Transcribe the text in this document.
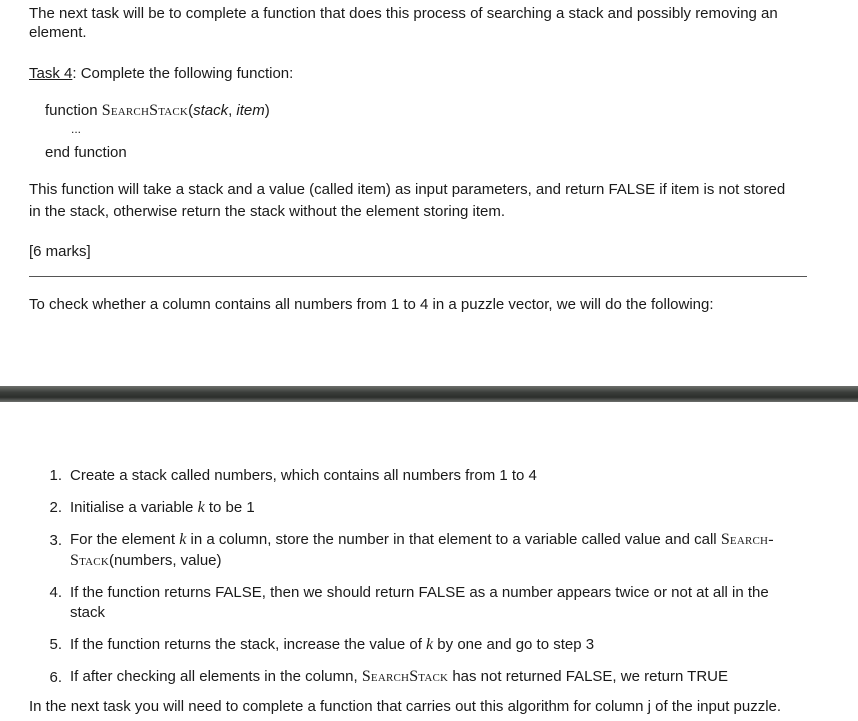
The next task will be to complete a function that does this process of searching a stack and possibly removing an
element.
Task 4: Complete the following function:
function SearchStack(stack, item)
...
end function
This function will take a stack and a value (called item) as input parameters, and return FALSE if item is not stored
in the stack, otherwise return the stack without the element storing item.
[6 marks]
To check whether a column contains all numbers from 1 to 4 in a puzzle vector, we will do the following:
1. Create a stack called numbers, which contains all numbers from 1 to 4
2. Initialise a variable k to be 1
3. For the element k in a column, store the number in that element to a variable called value and call Search-
Stack(numbers, value)
4. If the function returns FALSE, then we should return FALSE as a number appears twice or not at all in the
stack
5. If the function returns the stack, increase the value of k by one and go to step 3
6. If after checking all elements in the column, SearchStack has not returned FALSE, we return TRUE
In the next task you will need to complete a function that carries out this algorithm for column j of the input puzzle.
